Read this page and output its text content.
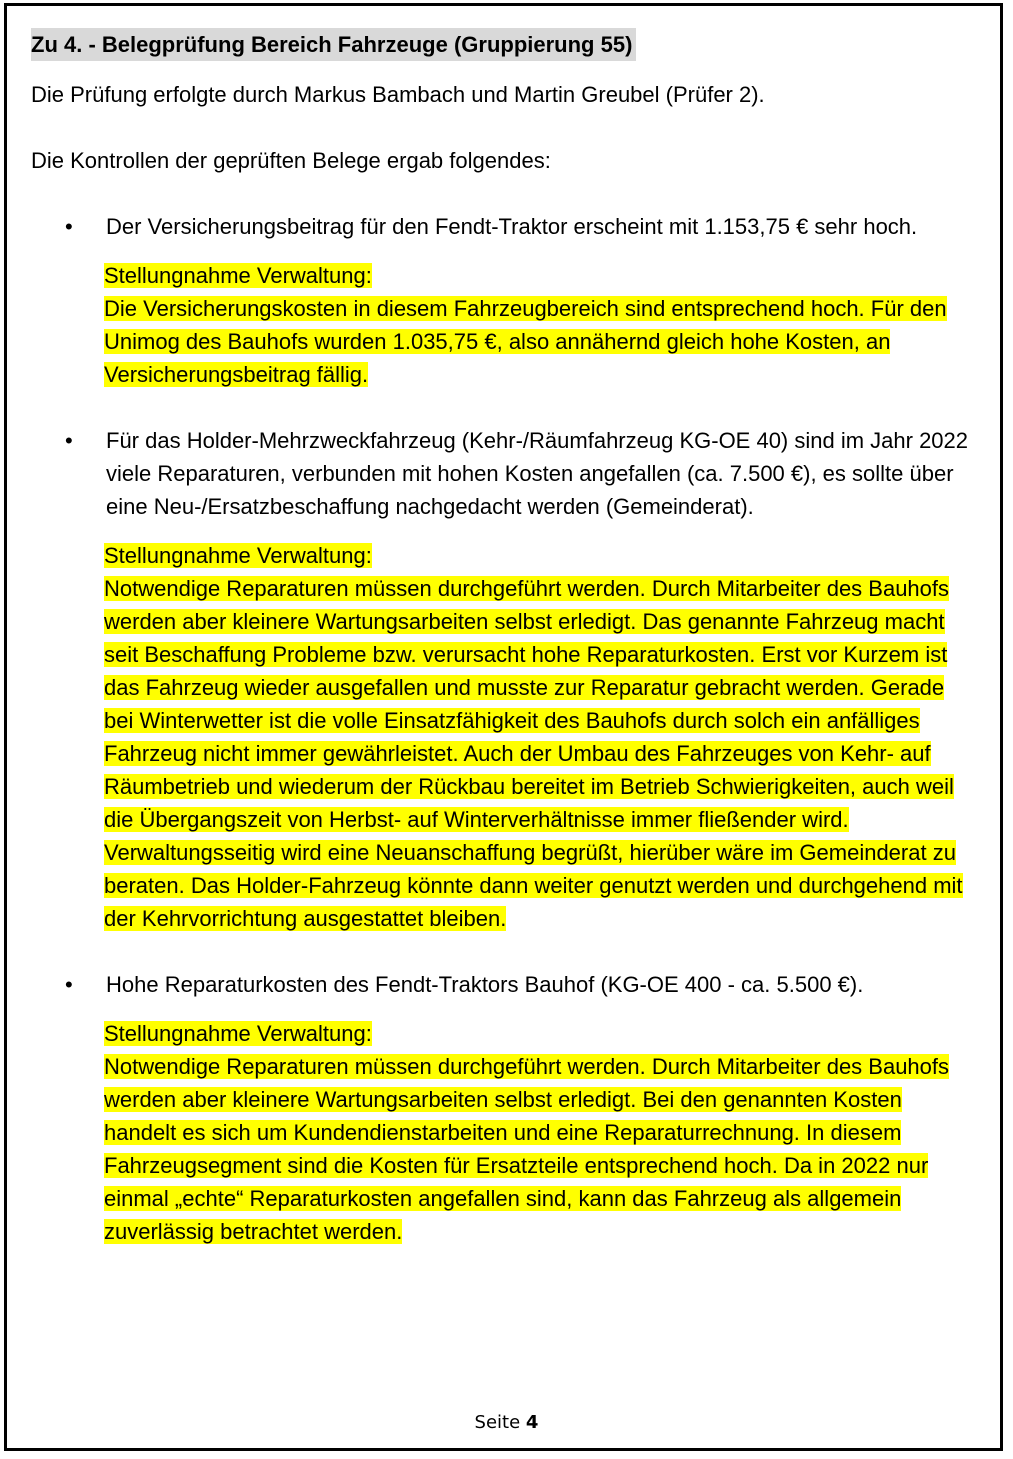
Zu 4. - Belegprüfung Bereich Fahrzeuge (Gruppierung 55)

Die Prüfung erfolgte durch Markus Bambach und Martin Greubel (Prüfer 2).

Die Kontrollen der geprüften Belege ergab folgendes:

• Der Versicherungsbeitrag für den Fendt-Traktor erscheint mit 1.153,75 € sehr hoch.

Stellungnahme Verwaltung:
Die Versicherungskosten in diesem Fahrzeugbereich sind entsprechend hoch. Für den Unimog des Bauhofs wurden 1.035,75 €, also annähernd gleich hohe Kosten, an Versicherungsbeitrag fällig.
• Für das Holder-Mehrzweckfahrzeug (Kehr-/Räumfahrzeug KG-OE 40) sind im Jahr 2022 viele Reparaturen, verbunden mit hohen Kosten angefallen (ca. 7.500 €), es sollte über eine Neu-/Ersatzbeschaffung nachgedacht werden (Gemeinderat).

Stellungnahme Verwaltung:
Notwendige Reparaturen müssen durchgeführt werden. Durch Mitarbeiter des Bauhofs werden aber kleinere Wartungsarbeiten selbst erledigt. Das genannte Fahrzeug macht seit Beschaffung Probleme bzw. verursacht hohe Reparaturkosten. Erst vor Kurzem ist das Fahrzeug wieder ausgefallen und musste zur Reparatur gebracht werden. Gerade bei Winterwetter ist die volle Einsatzfähigkeit des Bauhofs durch solch ein anfälliges Fahrzeug nicht immer gewährleistet. Auch der Umbau des Fahrzeuges von Kehr- auf Räumbetrieb und wiederum der Rückbau bereitet im Betrieb Schwierigkeiten, auch weil die Übergangszeit von Herbst- auf Winterverhältnisse immer fließender wird. Verwaltungsseitig wird eine Neuanschaffung begrüßt, hierüber wäre im Gemeinderat zu beraten. Das Holder-Fahrzeug könnte dann weiter genutzt werden und durchgehend mit der Kehrvorrichtung ausgestattet bleiben.
• Hohe Reparaturkosten des Fendt-Traktors Bauhof (KG-OE 400 - ca. 5.500 €).

Stellungnahme Verwaltung:
Notwendige Reparaturen müssen durchgeführt werden. Durch Mitarbeiter des Bauhofs werden aber kleinere Wartungsarbeiten selbst erledigt. Bei den genannten Kosten handelt es sich um Kundendienstarbeiten und eine Reparaturrechnung. In diesem Fahrzeugsegment sind die Kosten für Ersatzteile entsprechend hoch. Da in 2022 nur einmal „echte“ Reparaturkosten angefallen sind, kann das Fahrzeug als allgemein zuverlässig betrachtet werden.
Seite 4
